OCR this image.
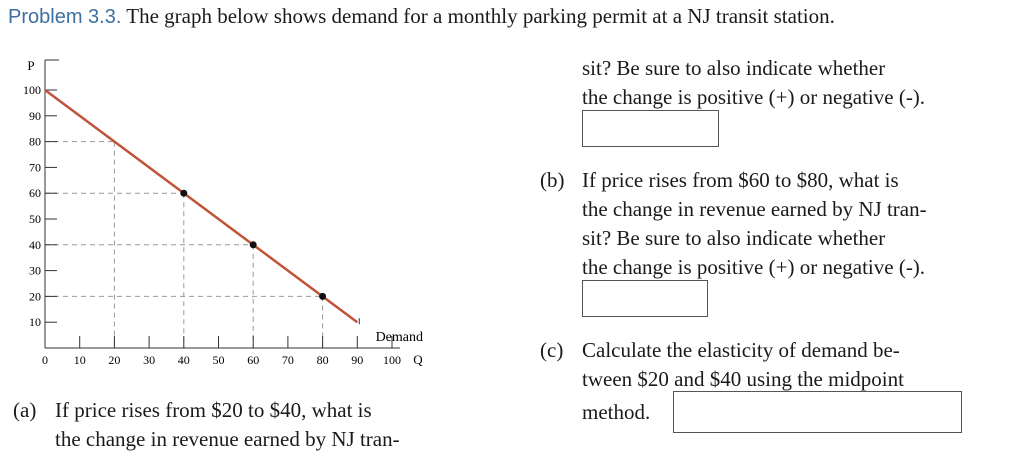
Problem 3.3. The graph below shows demand for a monthly parking permit at a NJ transit station.
0 10 20 30 40 50 60 70 80 90 100
10
20
30
40
50
60
70
80
90
100
P
Q
Demand
(a) If price rises from $20 to $40, what is
the change in revenue earned by NJ tran-
sit? Be sure to also indicate whether
the change is positive (+) or negative (-).
(b) If price rises from $60 to $80, what is
the change in revenue earned by NJ tran-
sit? Be sure to also indicate whether
the change is positive (+) or negative (-).
(c) Calculate the elasticity of demand be-
tween $20 and $40 using the midpoint
method.
